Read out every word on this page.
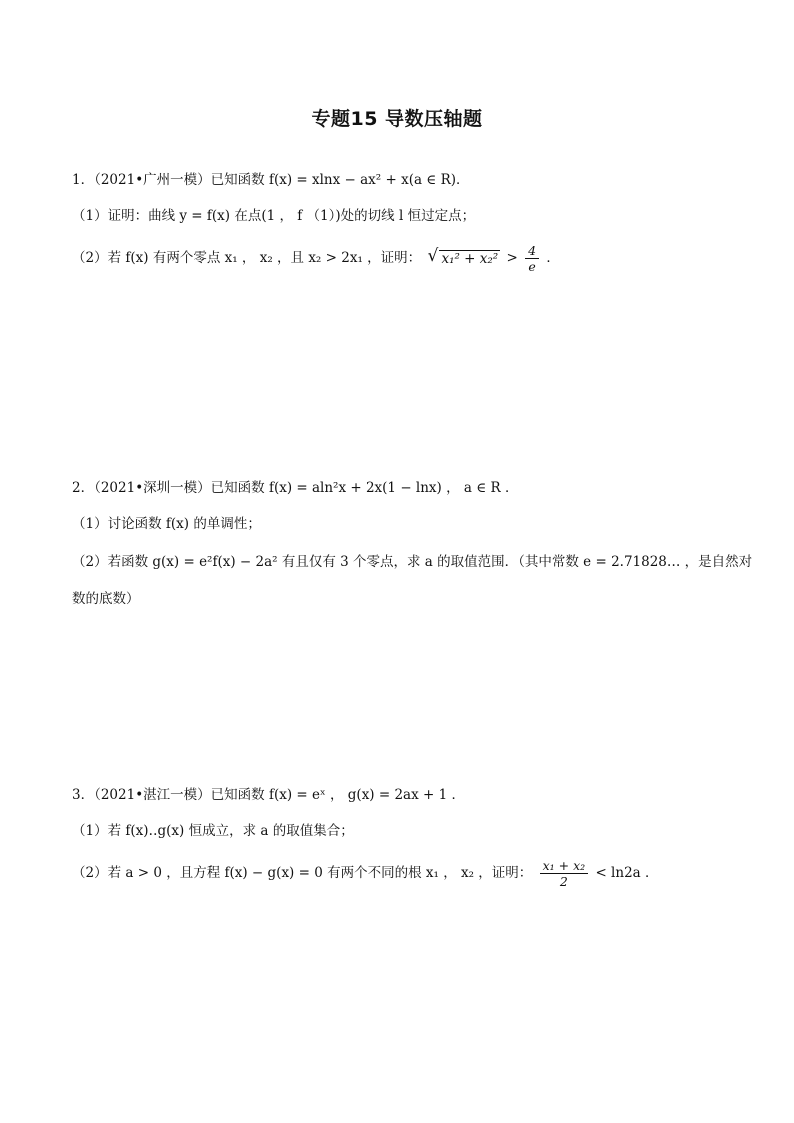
专题15 导数压轴题
1．（2021•广州一模）已知函数 f(x) = xlnx − ax² + x(a ∈ R)．
（1）证明：曲线 y = f(x) 在点(1 ， f （1）)处的切线 l 恒过定点；
（2）若 f(x) 有两个零点 x₁ ， x₂ ，且 x₂ > 2x₁ ，证明： √ $x_1^2 + x_2^2 > \frac{4}{e}$ ．
2．（2021•深圳一模）已知函数 f(x) = aln²x + 2x(1 − lnx) ， a ∈ R ．
（1）讨论函数 f(x) 的单调性；
（2）若函数 g(x) = e²f(x) − 2a² 有且仅有 3 个零点，求 a 的取值范围．（其中常数 e = 2.71828… ，是自然对
数的底数）
3．（2021•湛江一模）已知函数 f(x) = eˣ ， g(x) = 2ax + 1 ．
（1）若 f(x)‥g(x) 恒成立，求 a 的取值集合；
（2）若 a > 0 ，且方程 f(x) − g(x) = 0 有两个不同的根 x₁ ， x₂ ，证明： $\frac{\text{x₁ + x₂}}{2} < \ln 2a$ ．
